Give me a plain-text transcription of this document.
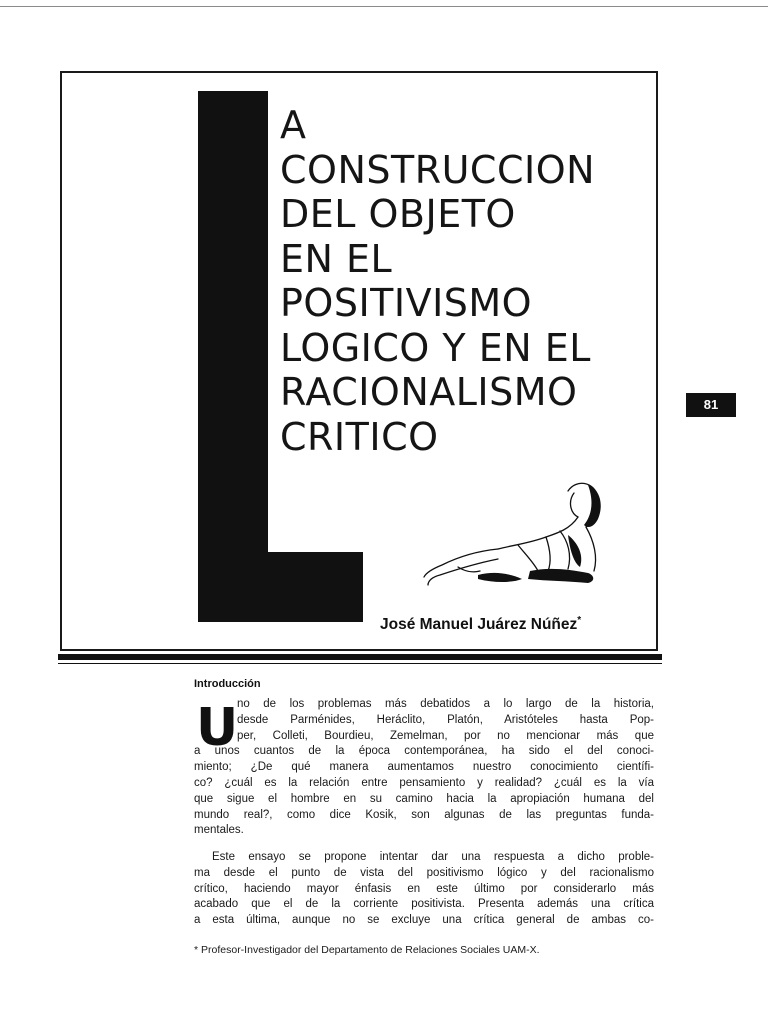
A
CONSTRUCCION
DEL OBJETO
EN EL
POSITIVISMO
LOGICO Y EN EL
RACIONALISMO
CRITICO
José Manuel Juárez Núñez*
81
Introducción
U

no de los problemas más debatidos a lo largo de la historia,
desde Parménides, Heráclito, Platón, Aristóteles hasta Pop-
per, Colleti, Bourdieu, Zemelman, por no mencionar más que
a unos cuantos de la época contemporánea, ha sido el del conoci-
miento; ¿De qué manera aumentamos nuestro conocimiento científi-
co? ¿cuál es la relación entre pensamiento y realidad? ¿cuál es la vía
que sigue el hombre en su camino hacia la apropiación humana del
mundo real?, como dice Kosik, son algunas de las preguntas funda-
mentales.

Este ensayo se propone intentar dar una respuesta a dicho proble-
ma desde el punto de vista del positivismo lógico y del racionalismo
crítico, haciendo mayor énfasis en este último por considerarlo más
acabado que el de la corriente positivista. Presenta además una crítica
a esta última, aunque no se excluye una crítica general de ambas co-

* Profesor-Investigador del Departamento de Relaciones Sociales UAM-X.
